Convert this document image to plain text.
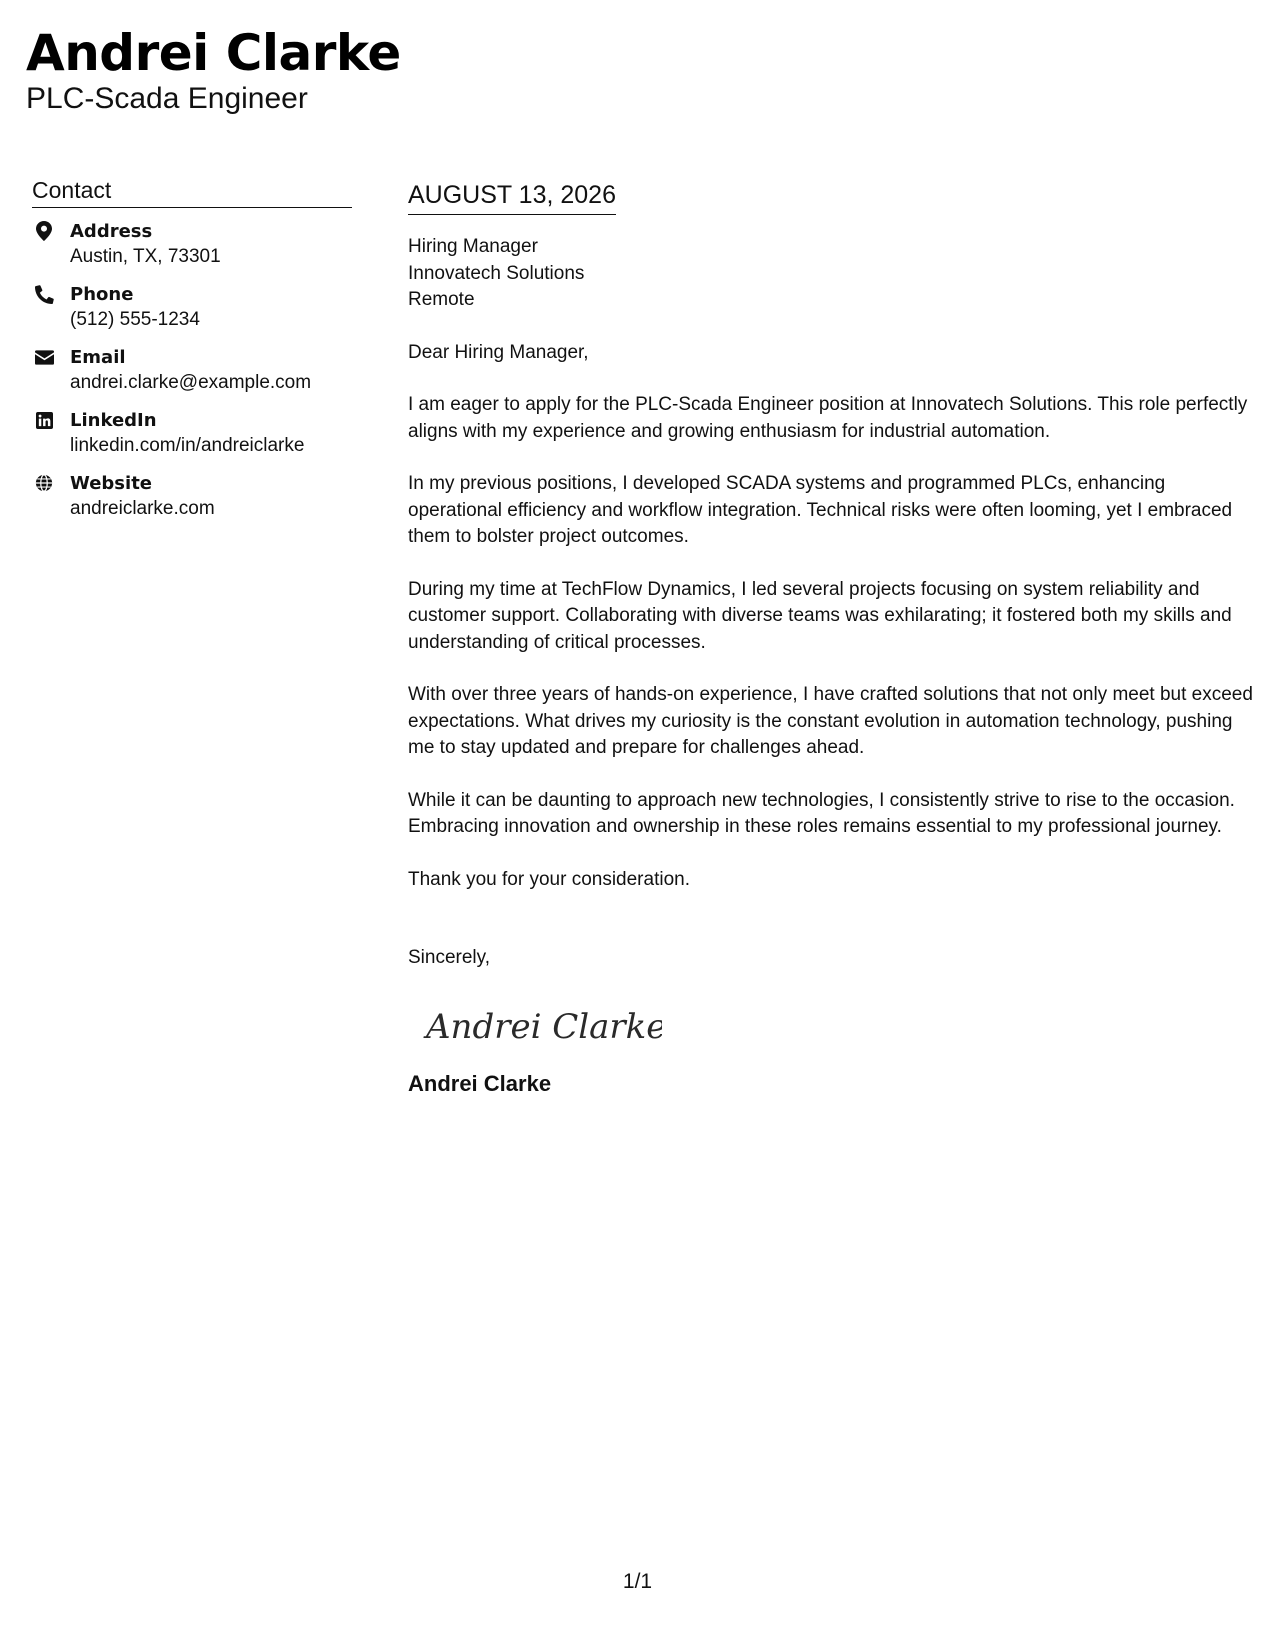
Andrei Clarke
PLC-Scada Engineer
Contact
Address
Austin, TX, 73301
Phone
(512) 555-1234
Email
andrei.clarke@example.com
LinkedIn
linkedin.com/in/andreiclarke
Website
andreiclarke.com
AUGUST 13, 2026
Hiring Manager
Innovatech Solutions
Remote
Dear Hiring Manager,
I am eager to apply for the PLC-Scada Engineer position at Innovatech Solutions. This role perfectly aligns with my experience and growing enthusiasm for industrial automation.
In my previous positions, I developed SCADA systems and programmed PLCs, enhancing operational efficiency and workflow integration. Technical risks were often looming, yet I embraced them to bolster project outcomes.
During my time at TechFlow Dynamics, I led several projects focusing on system reliability and customer support. Collaborating with diverse teams was exhilarating; it fostered both my skills and understanding of critical processes.
With over three years of hands-on experience, I have crafted solutions that not only meet but exceed expectations. What drives my curiosity is the constant evolution in automation technology, pushing me to stay updated and prepare for challenges ahead.
While it can be daunting to approach new technologies, I consistently strive to rise to the occasion. Embracing innovation and ownership in these roles remains essential to my professional journey.
Thank you for your consideration.
Sincerely,
Andrei Clarke
Andrei Clarke
1/1
